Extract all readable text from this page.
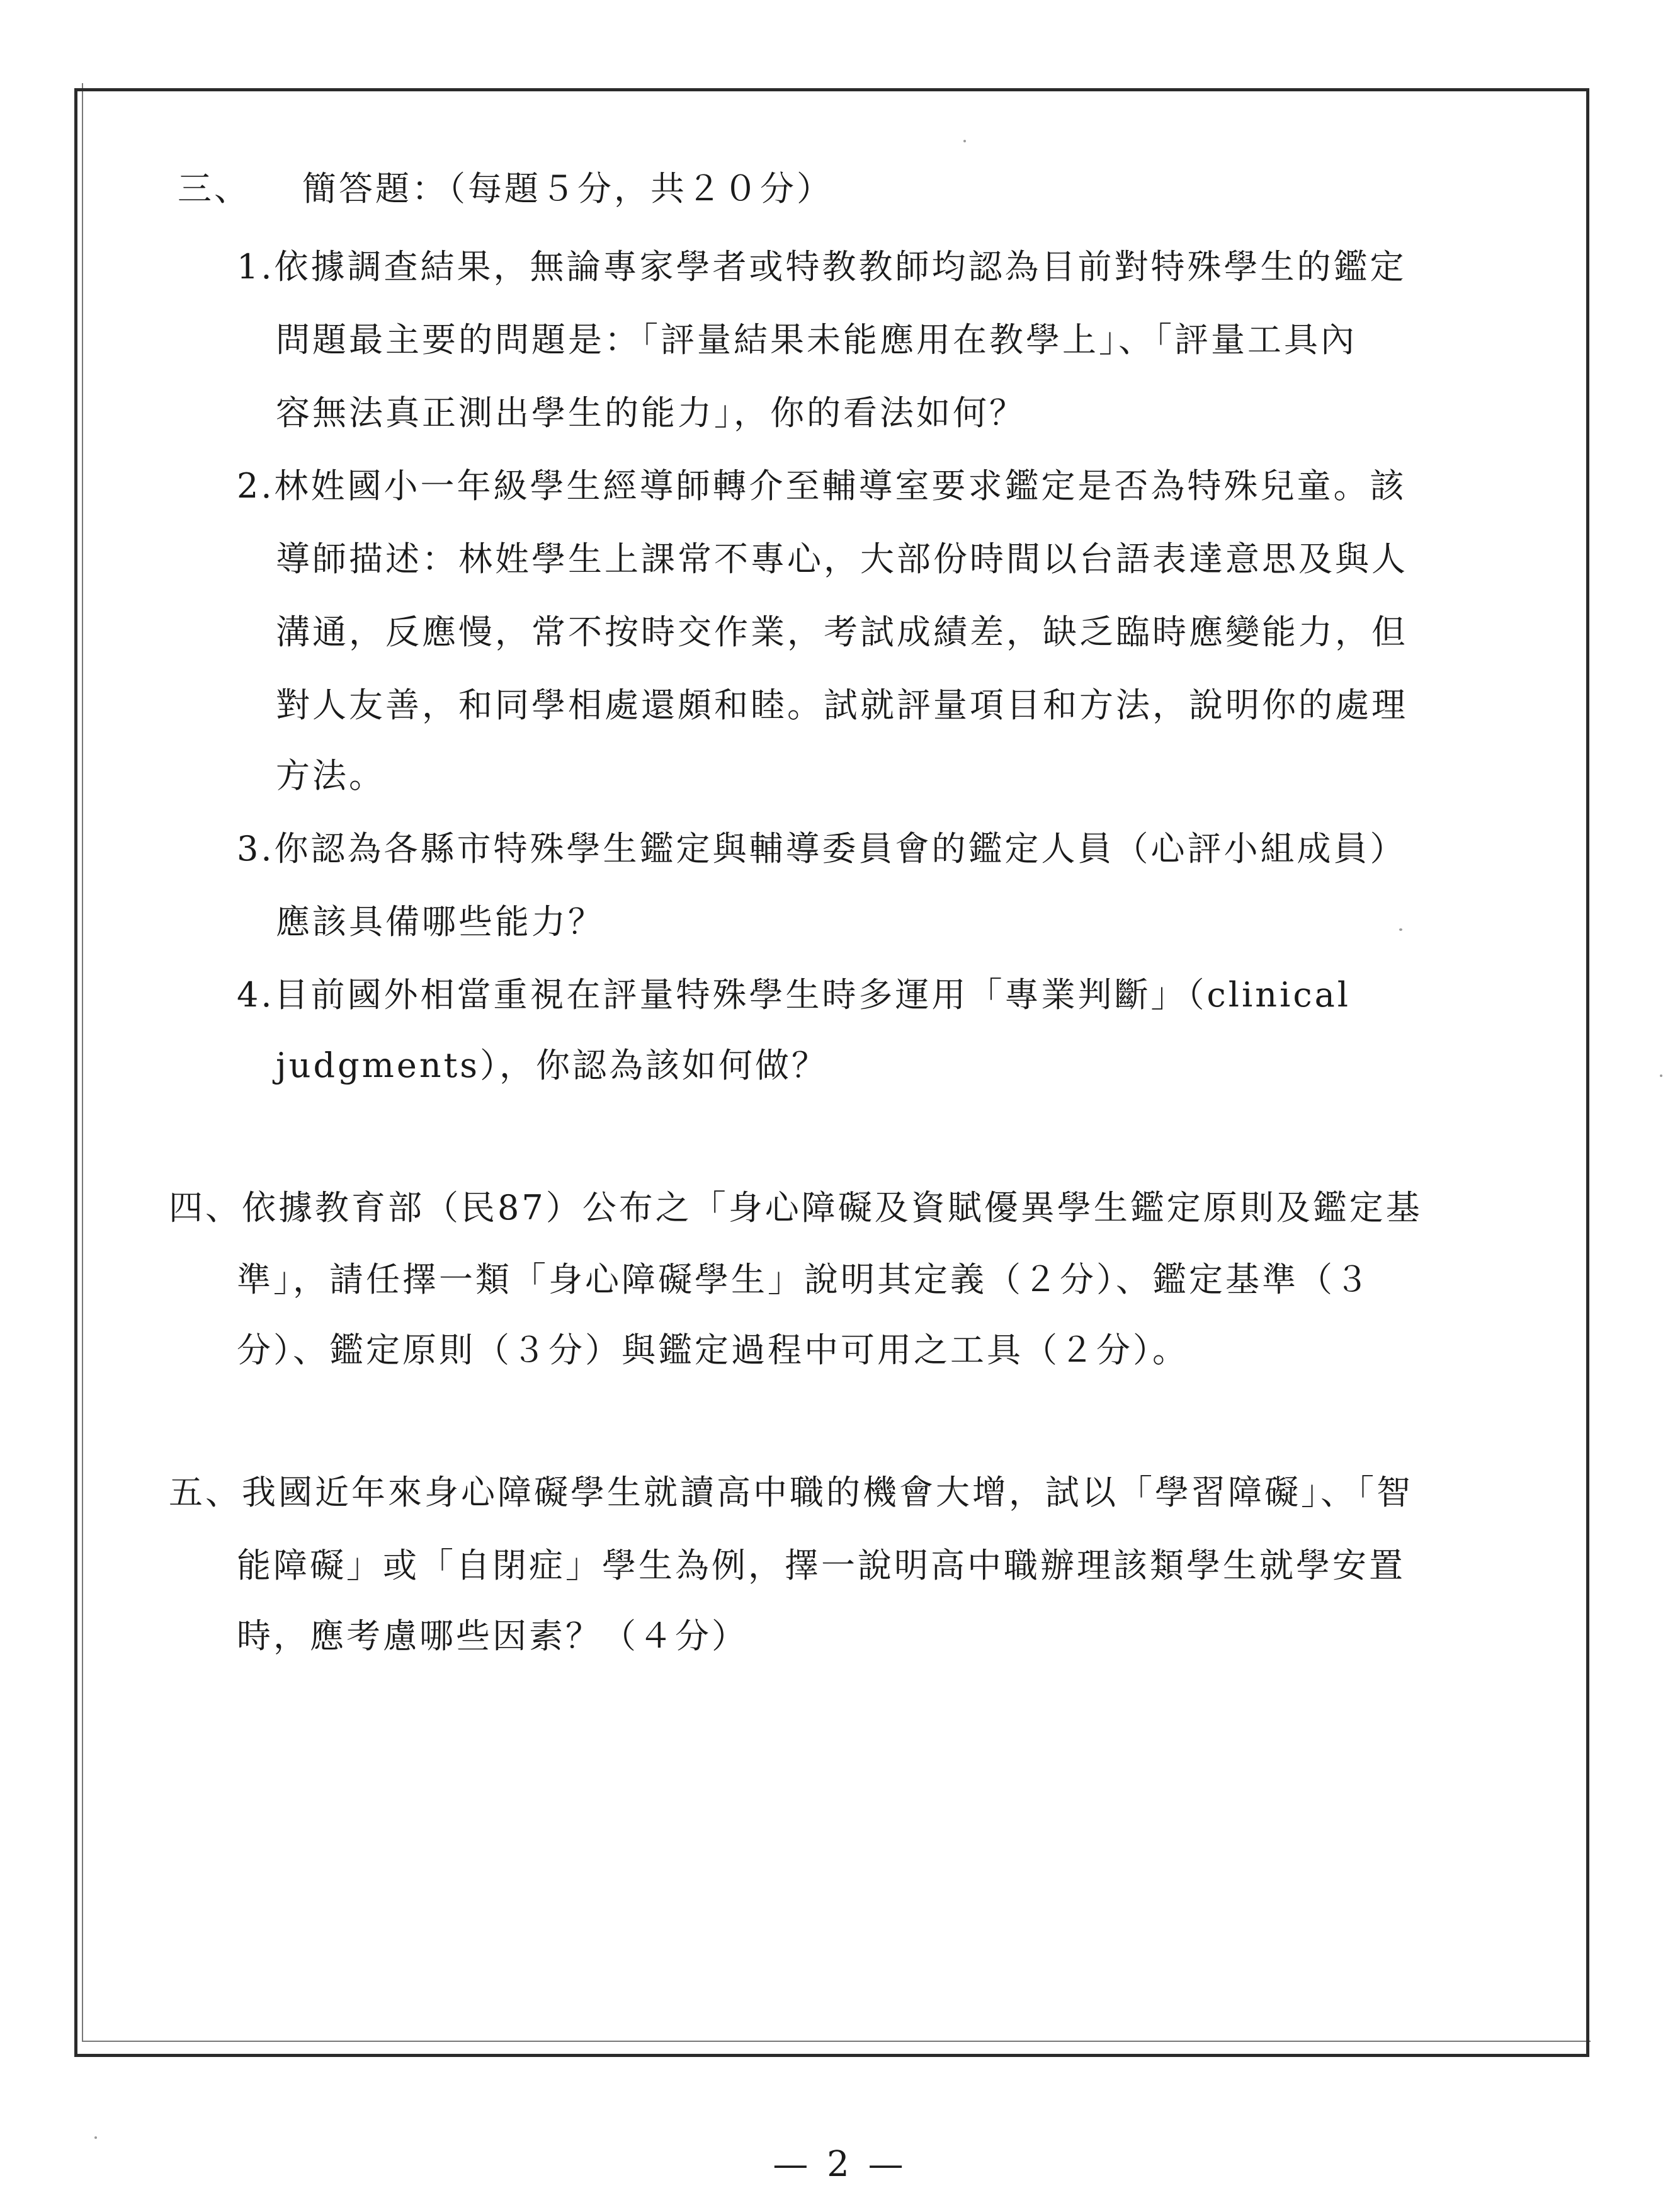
三、 簡答題：（每題５分，共２０分）
1.依據調查結果，無論專家學者或特教教師均認為目前對特殊學生的鑑定
問題最主要的問題是：「評量結果未能應用在教學上」、「評量工具內
容無法真正測出學生的能力」，你的看法如何？
2.林姓國小一年級學生經導師轉介至輔導室要求鑑定是否為特殊兒童。該
導師描述：林姓學生上課常不專心，大部份時間以台語表達意思及與人
溝通，反應慢，常不按時交作業，考試成績差，缺乏臨時應變能力，但
對人友善，和同學相處還頗和睦。試就評量項目和方法，說明你的處理
方法。
3.你認為各縣市特殊學生鑑定與輔導委員會的鑑定人員（心評小組成員）
應該具備哪些能力？
4.目前國外相當重視在評量特殊學生時多運用「專業判斷」（clinical
judgments），你認為該如何做？
四、依據教育部（民87）公布之「身心障礙及資賦優異學生鑑定原則及鑑定基
準」，請任擇一類「身心障礙學生」說明其定義（２分）、鑑定基準（３
分）、鑑定原則（３分）與鑑定過程中可用之工具（２分）。
五、我國近年來身心障礙學生就讀高中職的機會大增，試以「學習障礙」、「智
能障礙」或「自閉症」學生為例，擇一說明高中職辦理該類學生就學安置
時，應考慮哪些因素？（４分）
— 2 —
